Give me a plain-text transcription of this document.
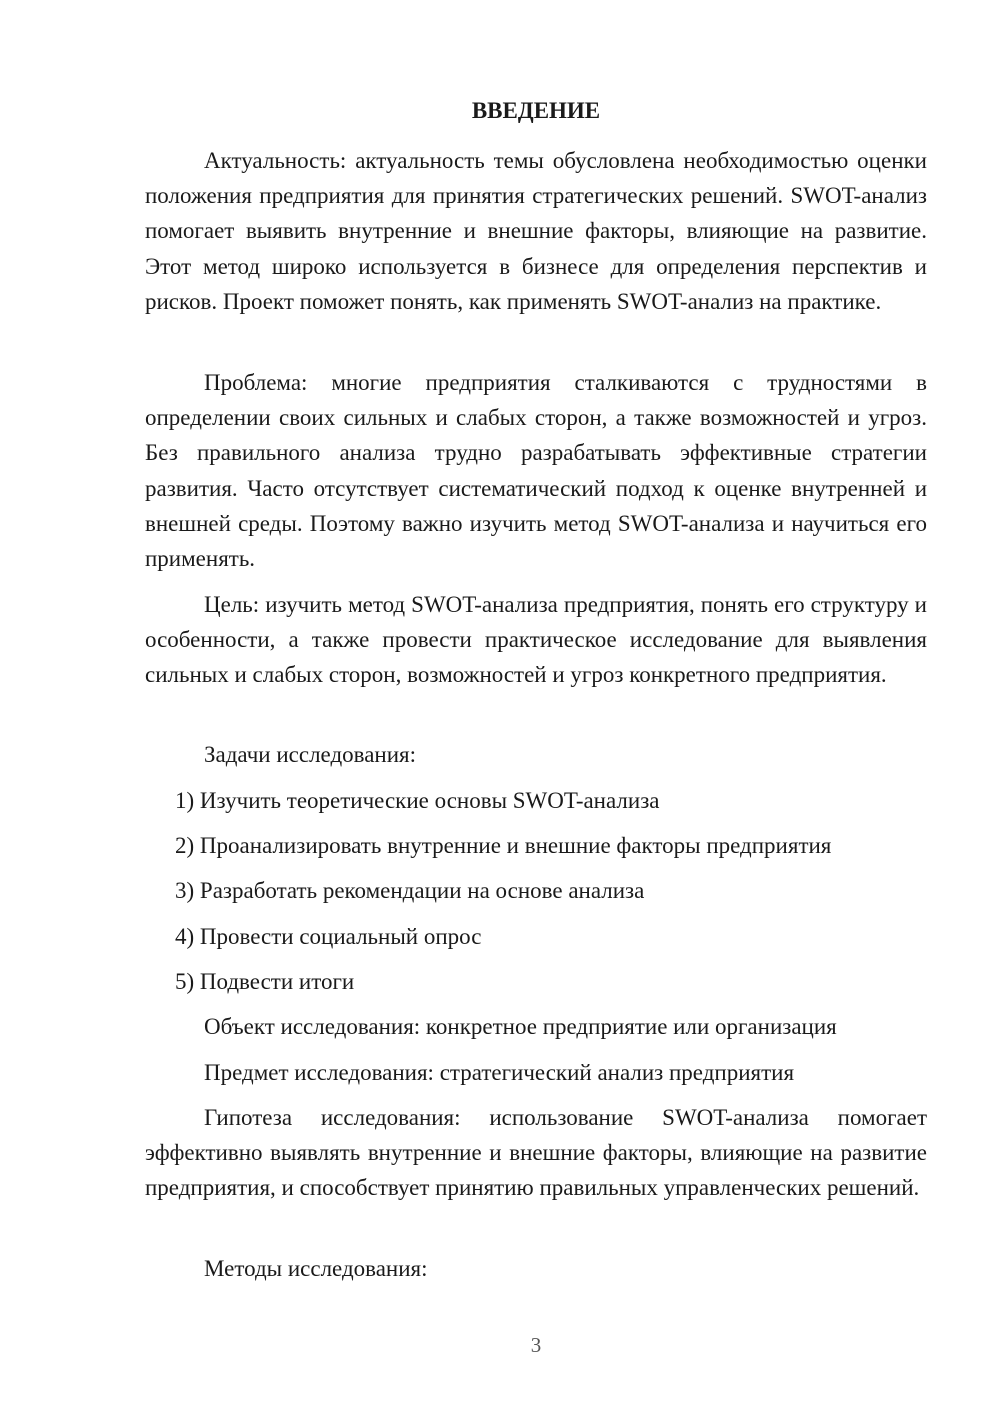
ВВЕДЕНИЕ

Актуальность: актуальность темы обусловлена необходимостью оценки положения предприятия для принятия стратегических решений. SWOT-анализ помогает выявить внутренние и внешние факторы, влияющие на развитие. Этот метод широко используется в бизнесе для определения перспектив и рисков. Проект поможет понять, как применять SWOT-анализ на практике.

Проблема: многие предприятия сталкиваются с трудностями в определении своих сильных и слабых сторон, а также возможностей и угроз. Без правильного анализа трудно разрабатывать эффективные стратегии развития. Часто отсутствует систематический подход к оценке внутренней и внешней среды. Поэтому важно изучить метод SWOT-анализа и научиться его применять.

Цель: изучить метод SWOT-анализа предприятия, понять его структуру и особенности, а также провести практическое исследование для выявления сильных и слабых сторон, возможностей и угроз конкретного предприятия.

Задачи исследования:
1) Изучить теоретические основы SWOT-анализа
2) Проанализировать внутренние и внешние факторы предприятия
3) Разработать рекомендации на основе анализа
4) Провести социальный опрос
5) Подвести итоги
Объект исследования: конкретное предприятие или организация
Предмет исследования: стратегический анализ предприятия

Гипотеза исследования: использование SWOT-анализа помогает эффективно выявлять внутренние и внешние факторы, влияющие на развитие предприятия, и способствует принятию правильных управленческих решений.

Методы исследования:
3
